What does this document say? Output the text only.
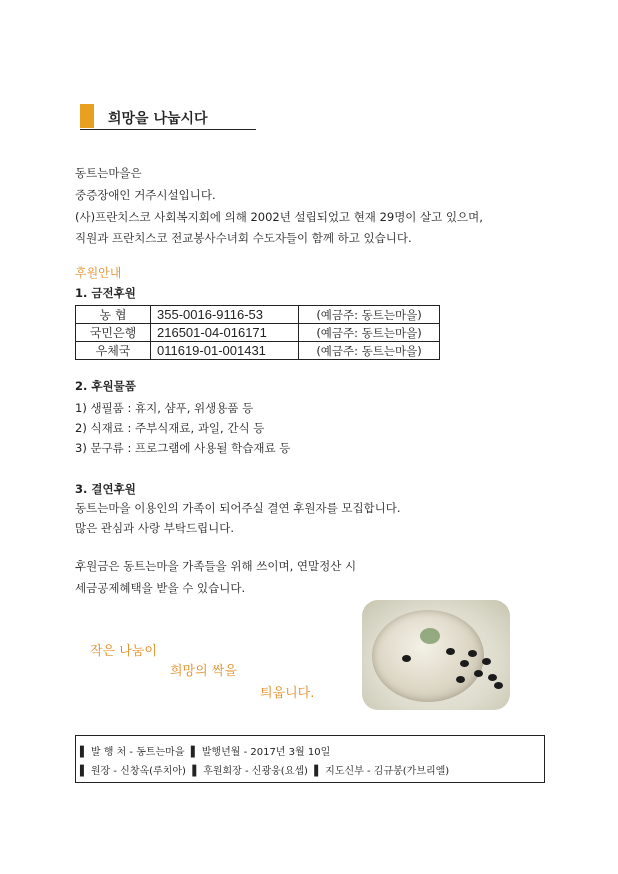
희망을 나눕시다
동트는마을은
중증장애인 거주시설입니다.
(사)프란치스코 사회복지회에 의해 2002년 설립되었고 현재 29명이 살고 있으며,
직원과 프란치스코 전교봉사수녀회 수도자들이 함께 하고 있습니다.
후원안내
1. 금전후원
농 협	355-0016-9116-53	(예금주: 동트는마을)
국민은행	216501-04-016171	(예금주: 동트는마을)
우체국	011619-01-001431	(예금주: 동트는마을)
2. 후원물품
1) 생필품 : 휴지, 샴푸, 위생용품 등
2) 식재료 : 주부식재료, 과일, 간식 등
3) 문구류 : 프로그램에 사용될 학습재료 등
3. 결연후원
동트는마을 이용인의 가족이 되어주실 결연 후원자를 모집합니다.
많은 관심과 사랑 부탁드립니다.
후원금은 동트는마을 가족들을 위해 쓰이며, 연말정산 시
세금공제혜택을 받을 수 있습니다.
작은 나눔이
희망의 싹을
틔웁니다.
▌ 발 행 처 - 동트는마을 ▌ 발행년월 - 2017년 3월 10일
▌ 원장 - 신창옥(루치아) ▌ 후원회장 - 신광웅(요셉) ▌ 지도신부 - 김규봉(가브리엘)
